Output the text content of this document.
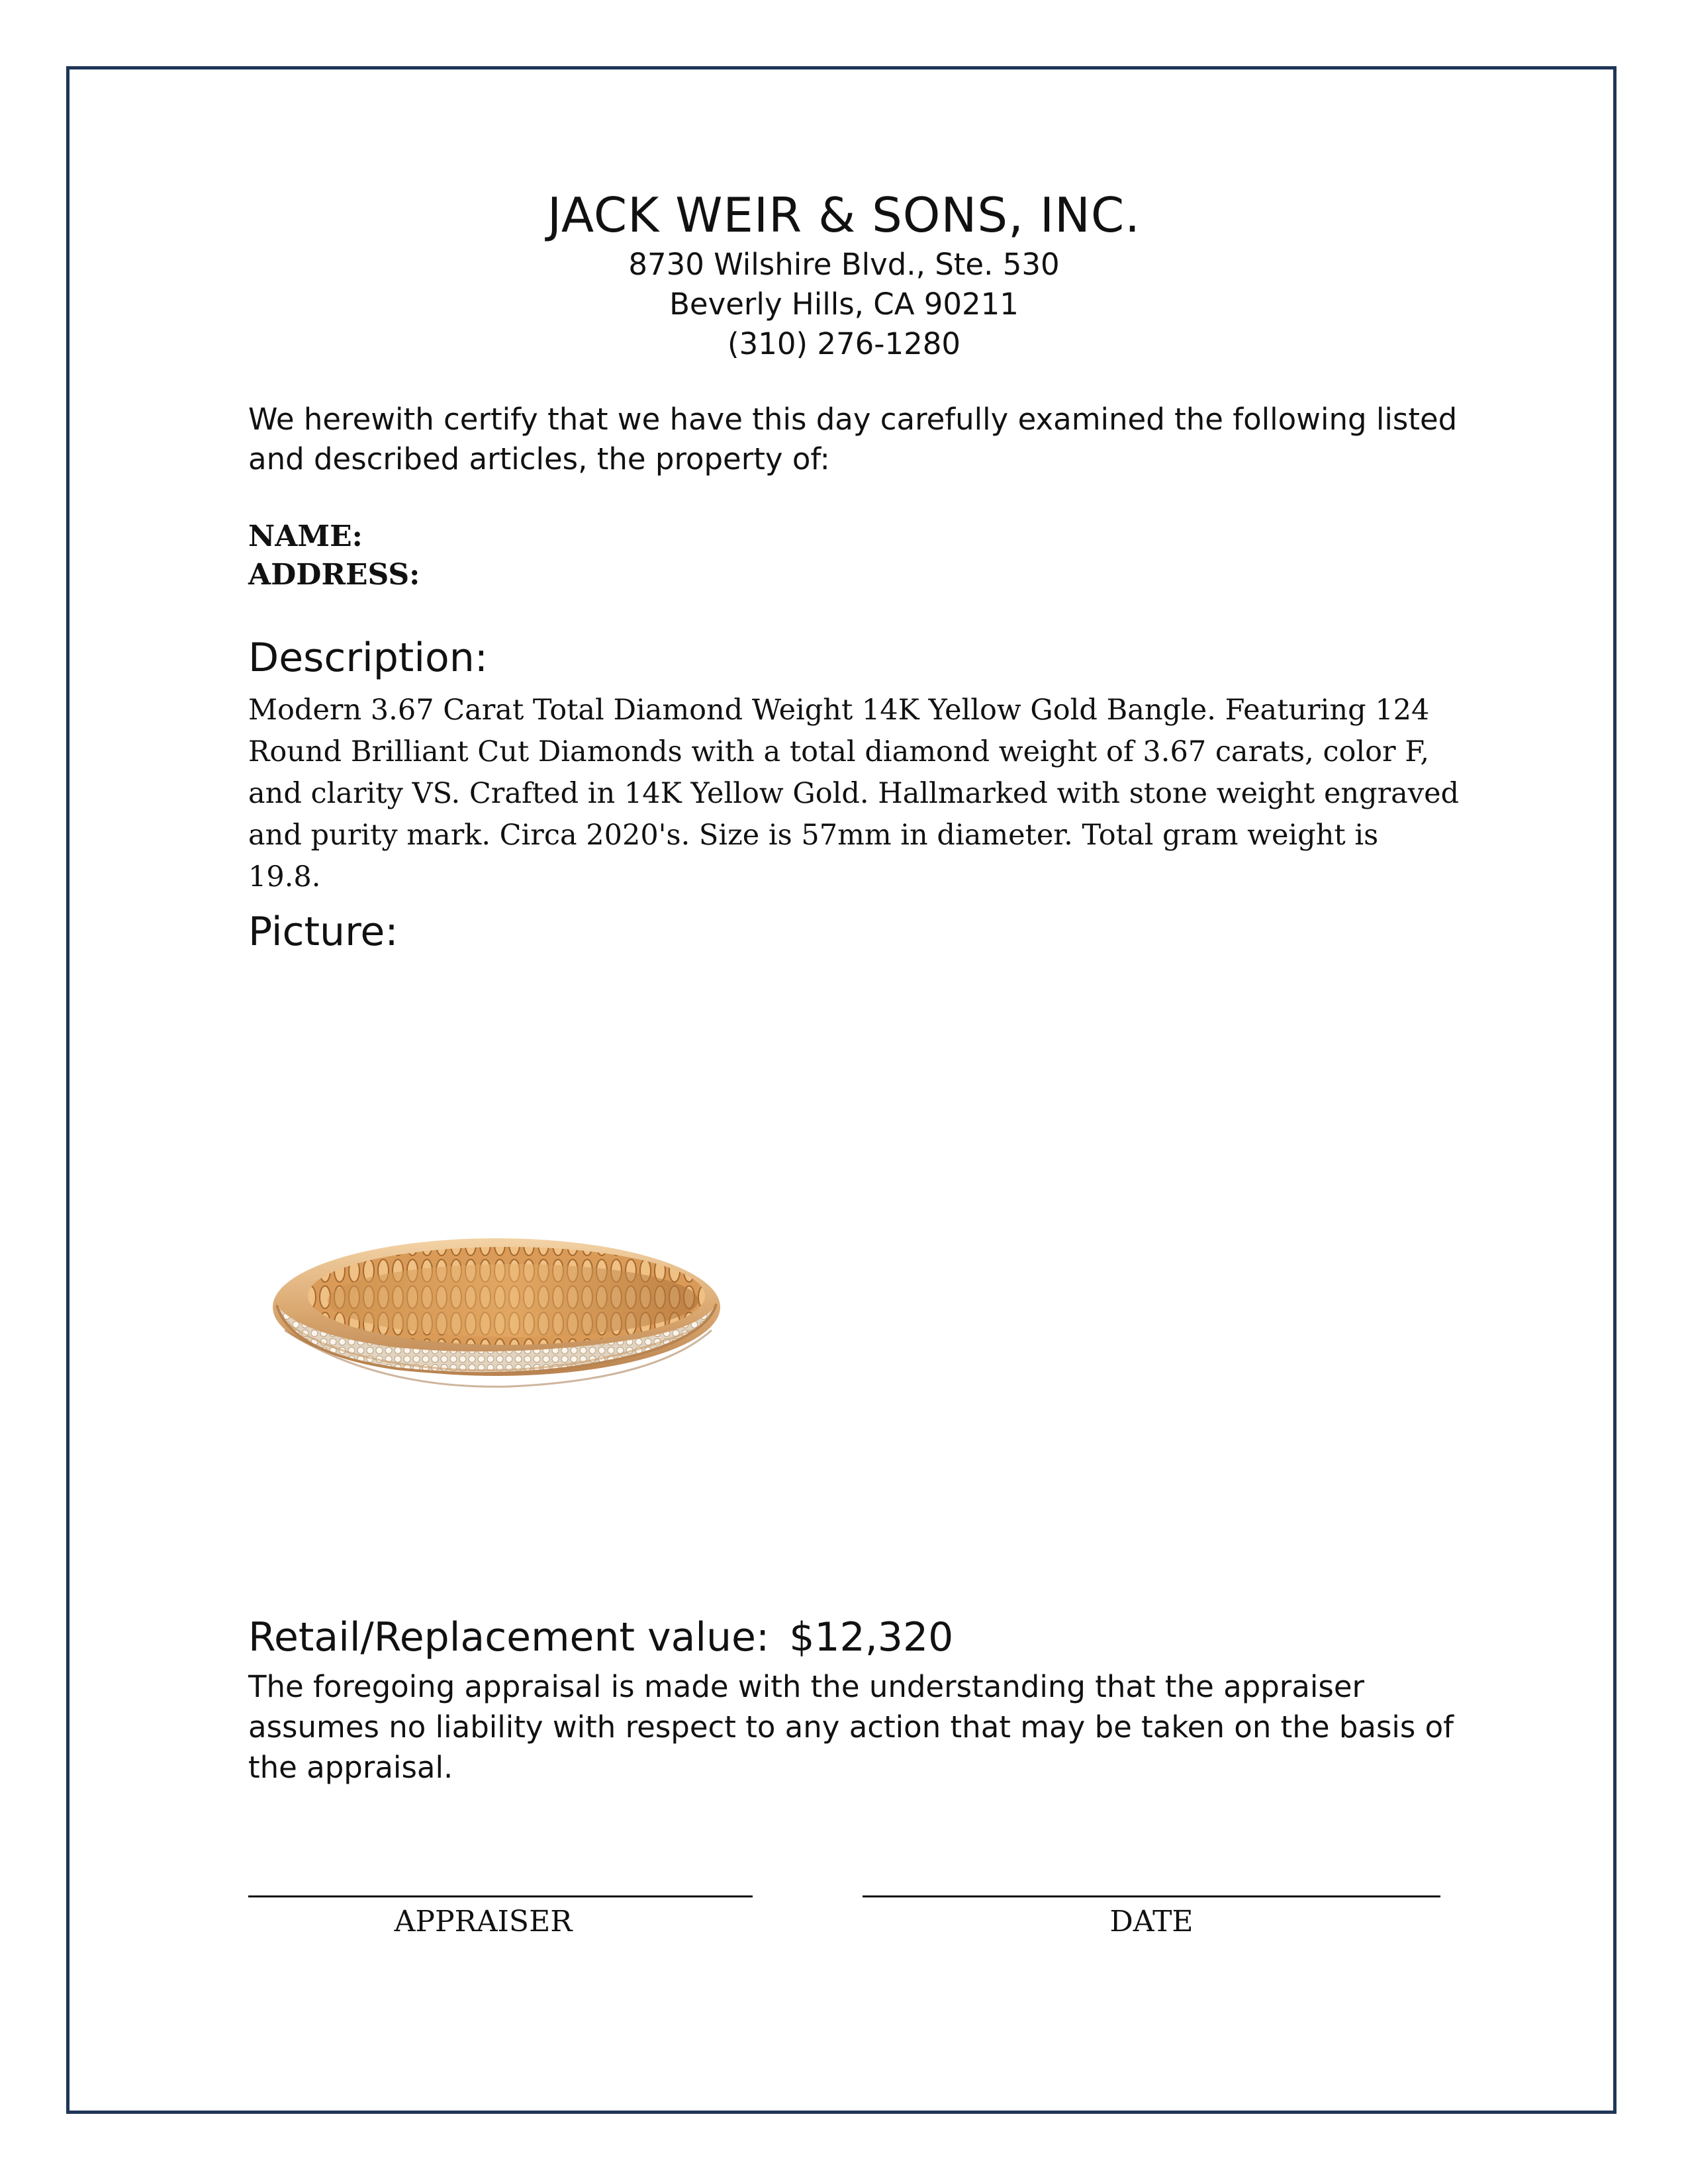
JACK WEIR & SONS, INC.
8730 Wilshire Blvd., Ste. 530
Beverly Hills, CA 90211
(310) 276-1280
We herewith certify that we have this day carefully examined the following listed and described articles, the property of:
NAME:
ADDRESS:
Description:
Modern 3.67 Carat Total Diamond Weight 14K Yellow Gold Bangle. Featuring 124 Round Brilliant Cut Diamonds with a total diamond weight of 3.67 carats, color F, and clarity VS. Crafted in 14K Yellow Gold. Hallmarked with stone weight engraved and purity mark. Circa 2020's. Size is 57mm in diameter. Total gram weight is 19.8.
Picture:
Retail/Replacement value: $12,320
The foregoing appraisal is made with the understanding that the appraiser assumes no liability with respect to any action that may be taken on the basis of the appraisal.
APPRAISER	DATE
